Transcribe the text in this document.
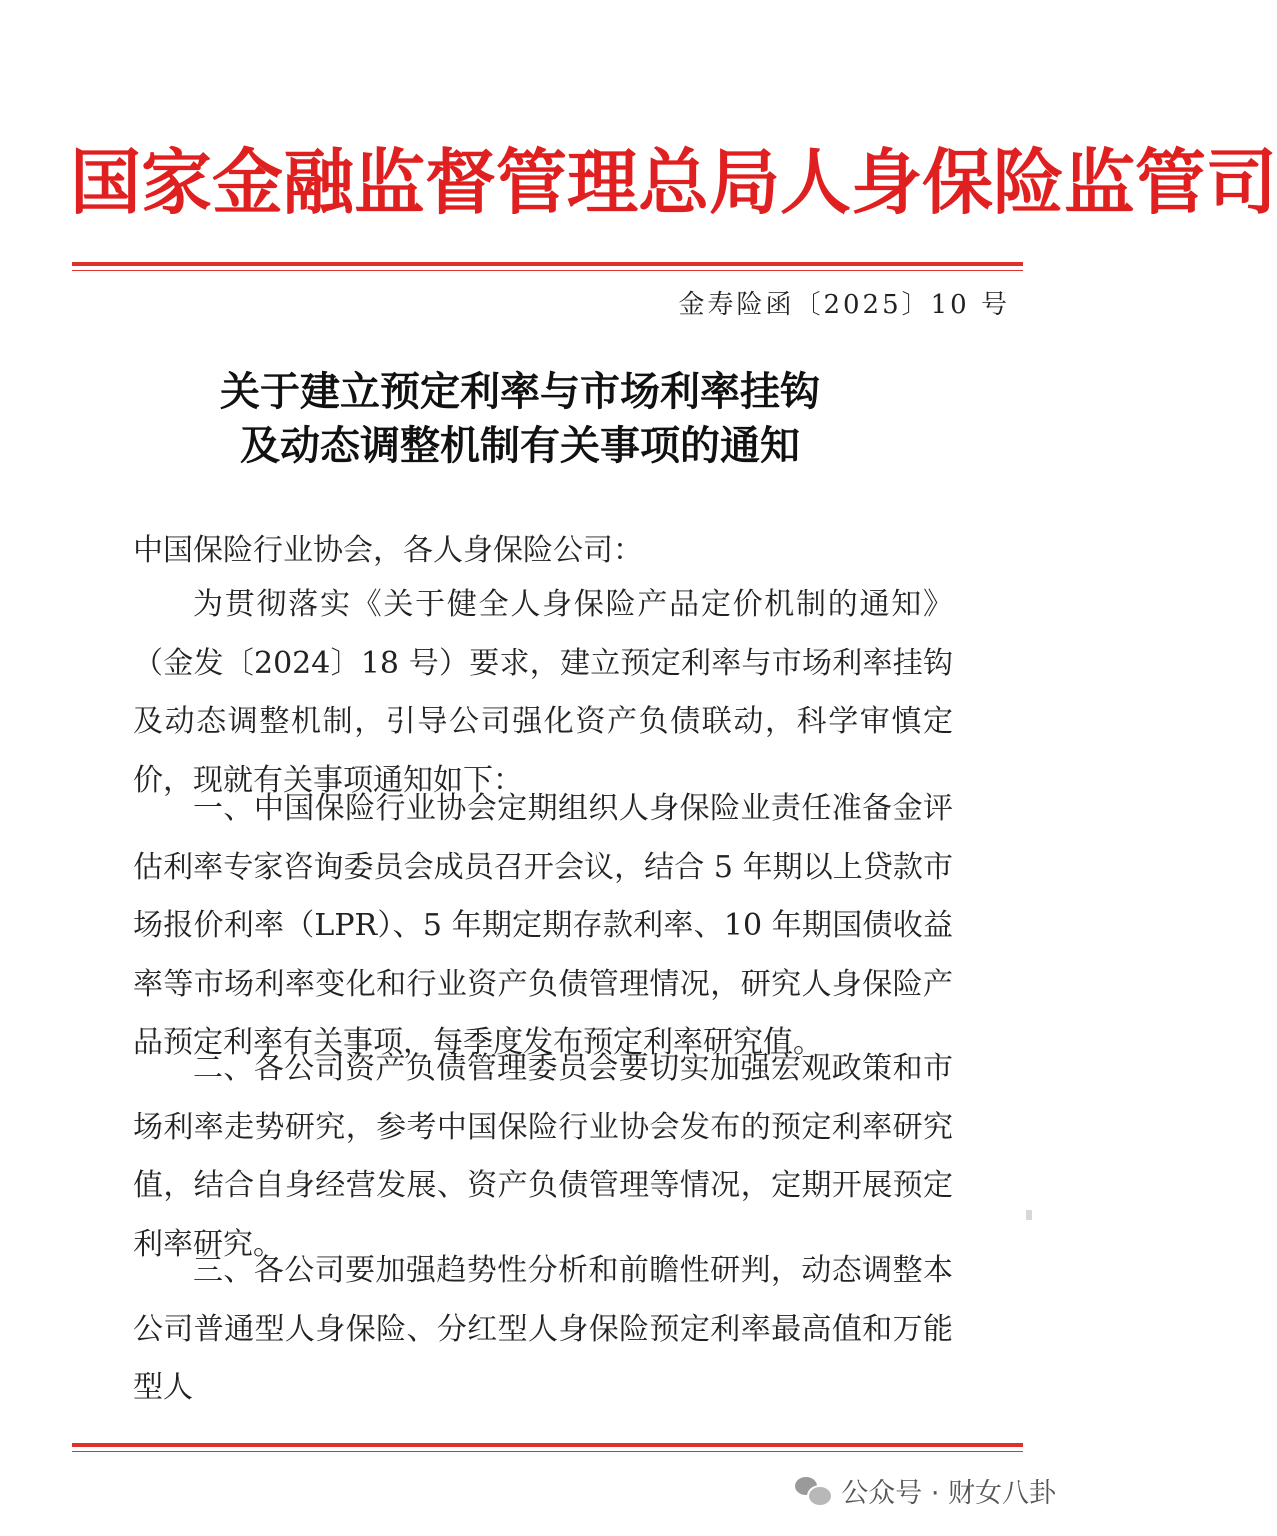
国家金融监督管理总局人身保险监管司
金寿险函〔2025〕10 号
关于建立预定利率与市场利率挂钩
及动态调整机制有关事项的通知
中国保险行业协会，各人身保险公司：
为贯彻落实《关于健全人身保险产品定价机制的通知》（金发〔2024〕18 号）要求，建立预定利率与市场利率挂钩及动态调整机制，引导公司强化资产负债联动，科学审慎定价，现就有关事项通知如下：
一、中国保险行业协会定期组织人身保险业责任准备金评估利率专家咨询委员会成员召开会议，结合 5 年期以上贷款市场报价利率（LPR）、5 年期定期存款利率、10 年期国债收益率等市场利率变化和行业资产负债管理情况，研究人身保险产品预定利率有关事项，每季度发布预定利率研究值。
二、各公司资产负债管理委员会要切实加强宏观政策和市场利率走势研究，参考中国保险行业协会发布的预定利率研究值，结合自身经营发展、资产负债管理等情况，定期开展预定利率研究。
三、各公司要加强趋势性分析和前瞻性研判，动态调整本公司普通型人身保险、分红型人身保险预定利率最高值和万能型人
公众号 · 财女八卦
